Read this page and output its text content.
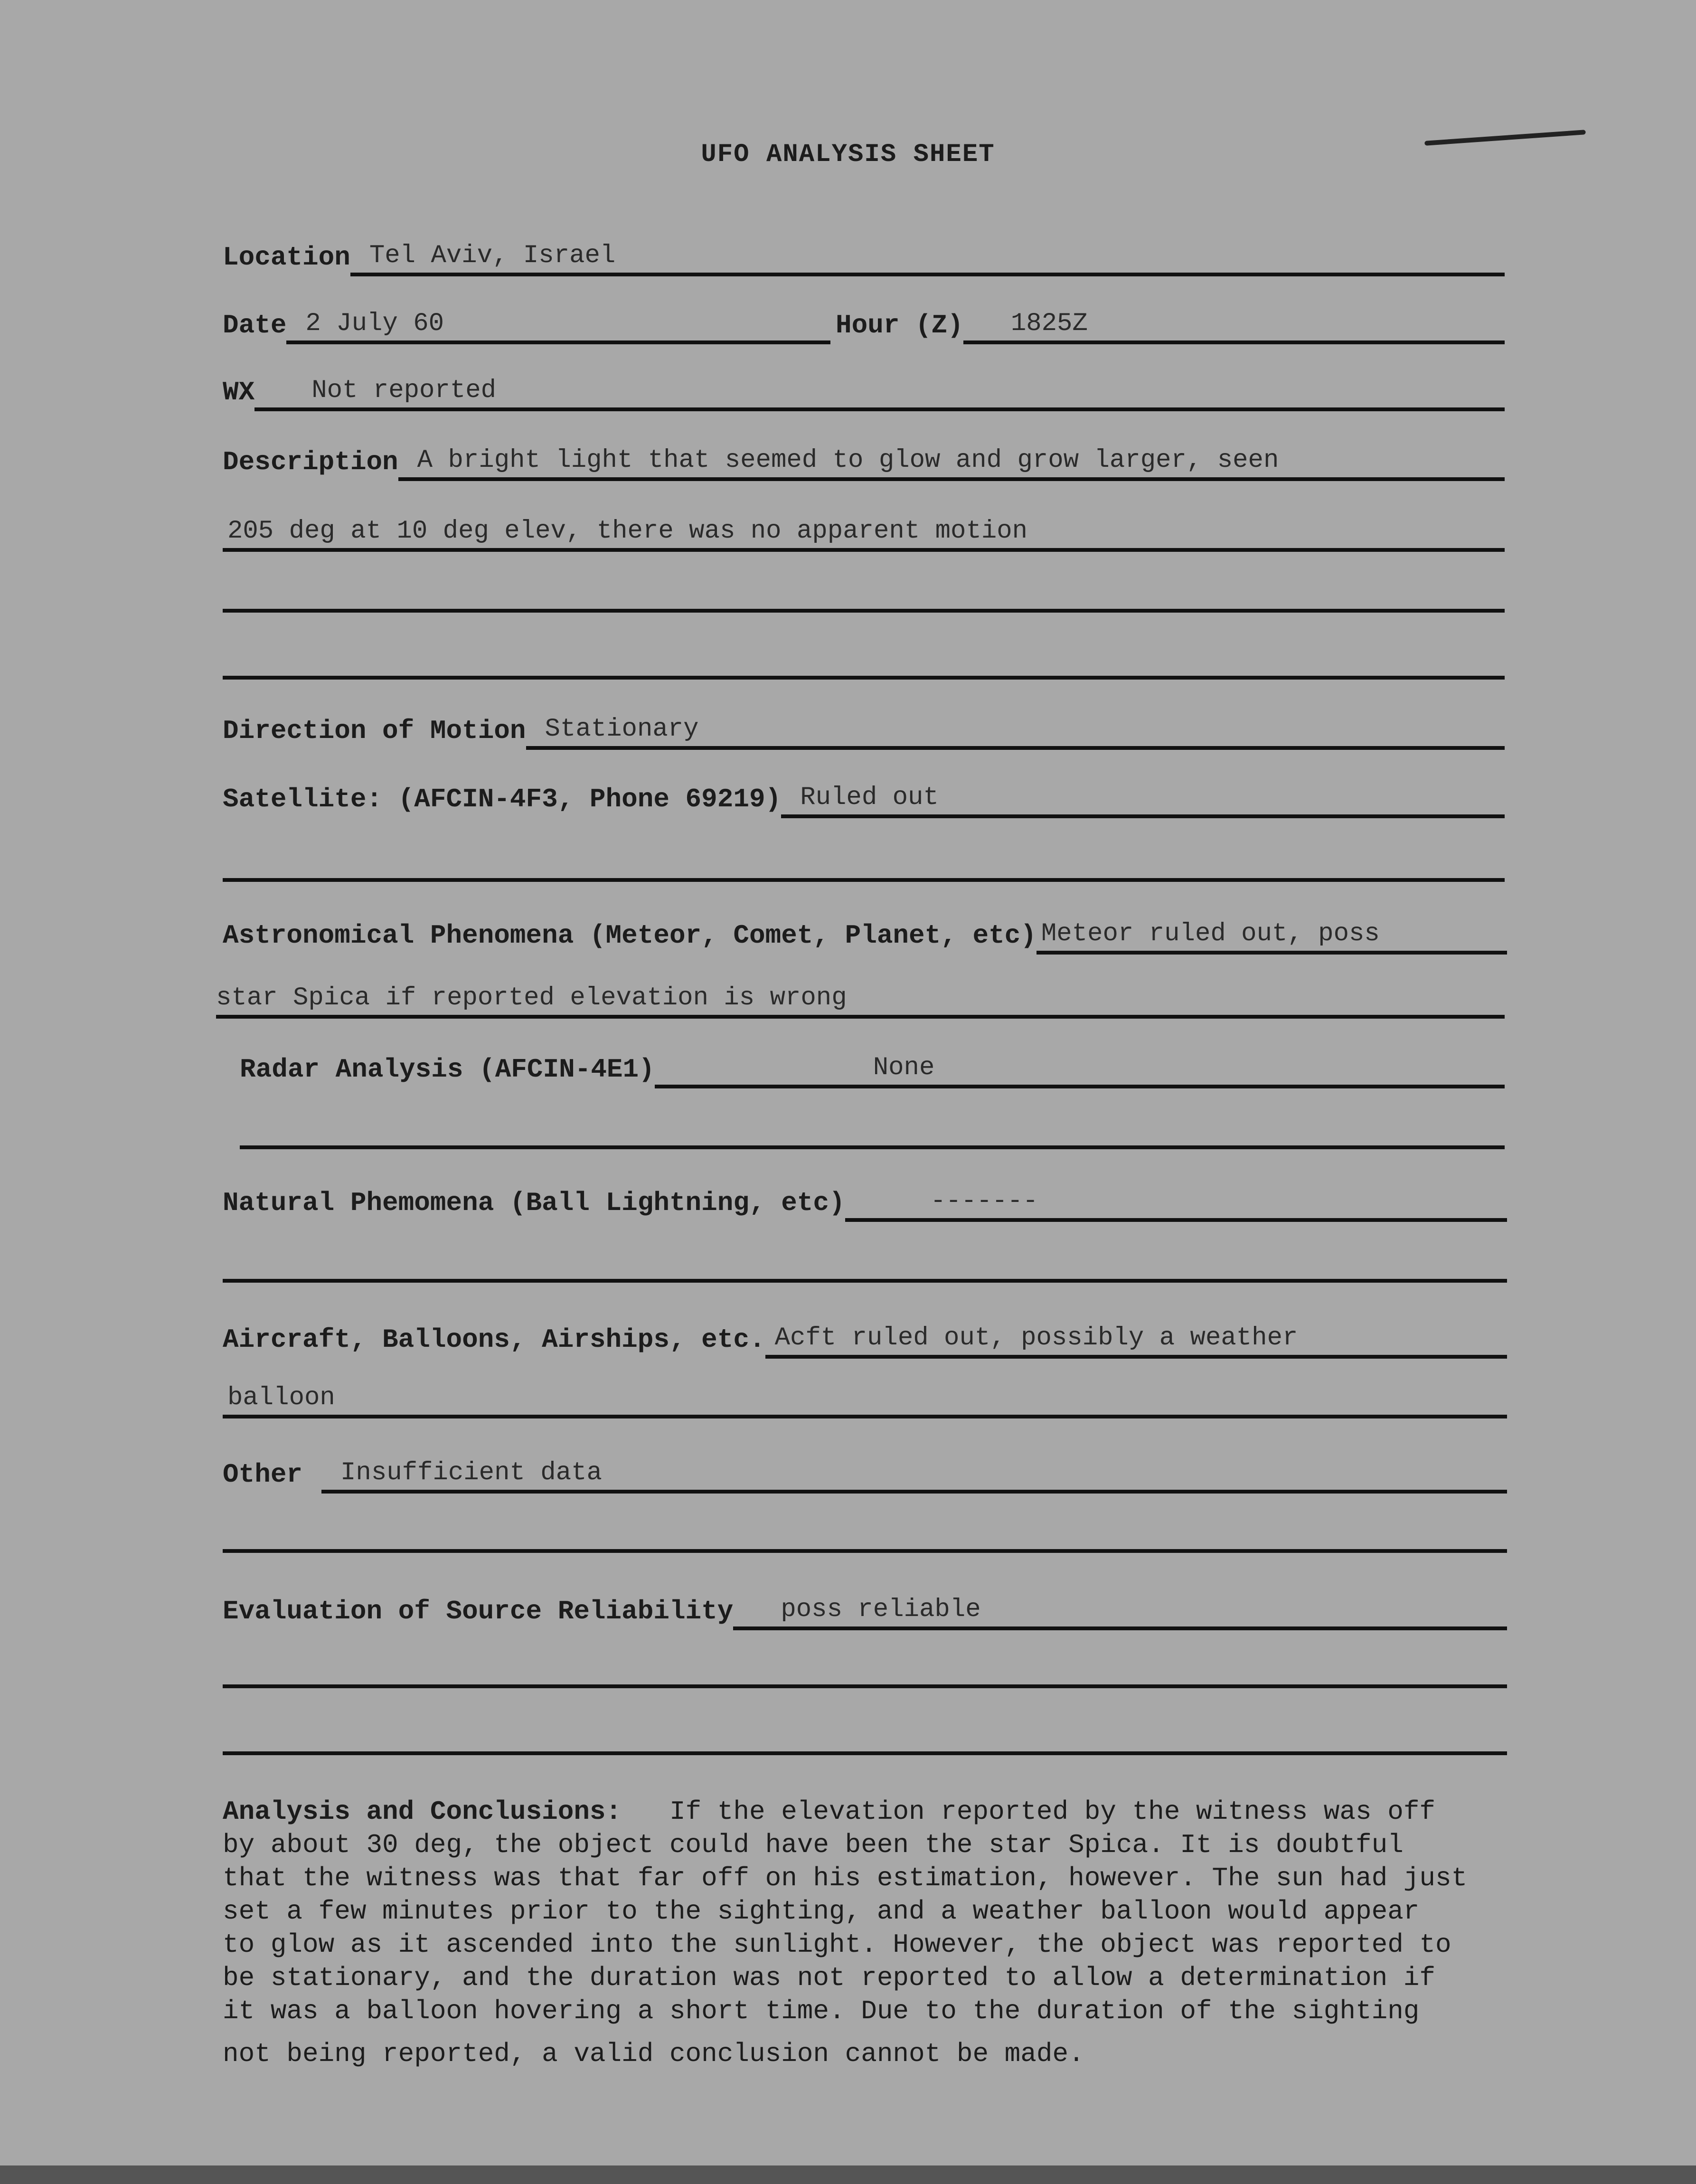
UFO ANALYSIS SHEET
Location Tel Aviv, Israel
Date 2 July 60	Hour (Z)	1825Z
WX	Not reported
Description A bright light that seemed to glow and grow larger, seen
205 deg at 10 deg elev, there was no apparent motion
Direction of Motion Stationary
Satellite: (AFCIN-4F3, Phone 69219) Ruled out
Astronomical Phenomena (Meteor, Comet, Planet, etc) Meteor ruled out, poss
star Spica if reported elevation is wrong
Radar Analysis (AFCIN-4E1)	None
Natural Phemomena (Ball Lightning, etc)	-------
Aircraft, Balloons, Airships, etc. Acft ruled out, possibly a weather
balloon
Other	Insufficient data
Evaluation of Source Reliability	poss reliable
Analysis and Conclusions: If the elevation reported by the witness was off
by about 30 deg, the object could have been the star Spica. It is doubtful
that the witness was that far off on his estimation, however. The sun had just
set a few minutes prior to the sighting, and a weather balloon would appear
to glow as it ascended into the sunlight. However, the object was reported to
be stationary, and the duration was not reported to allow a determination if
it was a balloon hovering a short time. Due to the duration of the sighting
not being reported, a valid conclusion cannot be made.
